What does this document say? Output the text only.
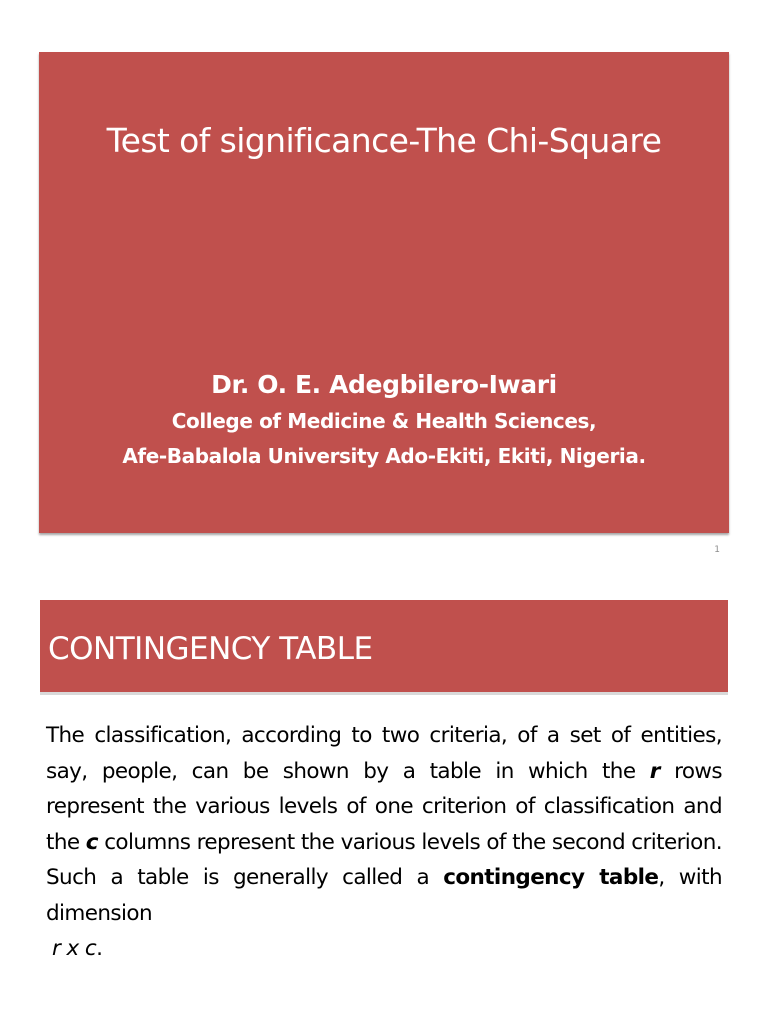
Test of significance-The Chi-Square
Dr. O. E. Adegbilero-Iwari
College of Medicine & Health Sciences,
Afe-Babalola University Ado-Ekiti, Ekiti, Nigeria.
1
CONTINGENCY TABLE
The classification, according to two criteria, of a set of entities, say, people, can be shown by a table in which the r rows represent the various levels of one criterion of classification and the c columns represent the various levels of the second criterion. Such a table is generally called a contingency table, with dimension
r x c.
